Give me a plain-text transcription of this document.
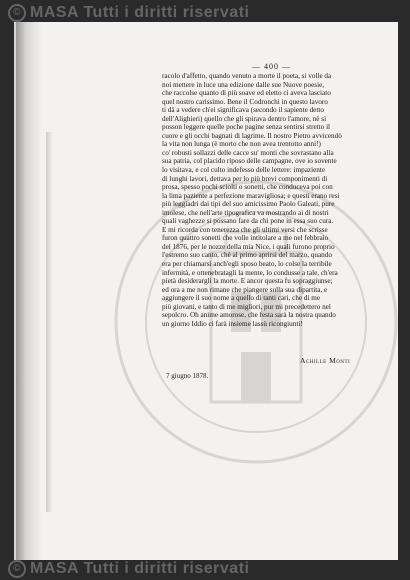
© MASA Tutti i diritti riservati
— 400 —

racolo d'affetto, quando venuto a morte il poeta, si volle da
noi mettere in luce una edizione dalle sue Nuove poesie,
che raccolse quanto di più soave ed eletto ci aveva lasciato
quel nostro carissimo. Bene il Codronchi in questo lavoro
ti dà a vedere ch'ei significava (secondo il sapiente detto
dell'Alighieri) quello che gli spirava dentro l'amore, nè si
posson leggere quelle poche pagine senza sentirsi stretto il
cuore e gli occhi bagnati di lagrime. Il nostro Pietro avvicendò
la vita non lunga (è morto che non avea trentotto anni!)
co' robusti sollazzi delle cacce su' monti che sovrastano alla
sua patria, col placido riposo delle campagne, ove io sovente
lo visitava, e col culto indefesso delle lettere: impaziente
di lunghi lavori, dettava per lo più brevi componimenti di
prosa, spesso pochi sciolti o sonetti, che conduceva poi con
la lima paziente a perfezione maravigliosa; e questi erano resi
più leggiadri dai tipi del suo amicissimo Paolo Galeati, pure
imolese, che nell'arte tipografica va mostrando ai di nostri
quali vaghezze si possano fare da chi pone in essa suo cura.
E mi ricorda con tenerezza che gli ultimi versi che scrisse
furon quattro sonetti che volle intitolare a me nel febbraio
del 1876, per le nozze della mia Nice, i quali furono proprio
l'estremo suo canto, chè al primo aprirsi del marzo, quando
era per chiamarsi anch'egli sposo beato, lo colse la terribile
infermità, e ottenebratagli la mente, lo condusse a tale, ch'era
pietà desiderargli la morte. E ancor questa fu sopraggiunse;
ed ora a me non rimane che piangere sulla sua dipartita, e
aggiungere il suo nome a quello di tanti cari, che di me
più giovani, e tanto di me migliori, pur mi precedettero nel
sepolcro. Oh anime amorose, che festa sarà la nostra quando
un giorno Iddio ci farà insieme lassù ricongiunti!

Achille Monti
7 giugno 1878.
© MASA Tutti i diritti riservati
